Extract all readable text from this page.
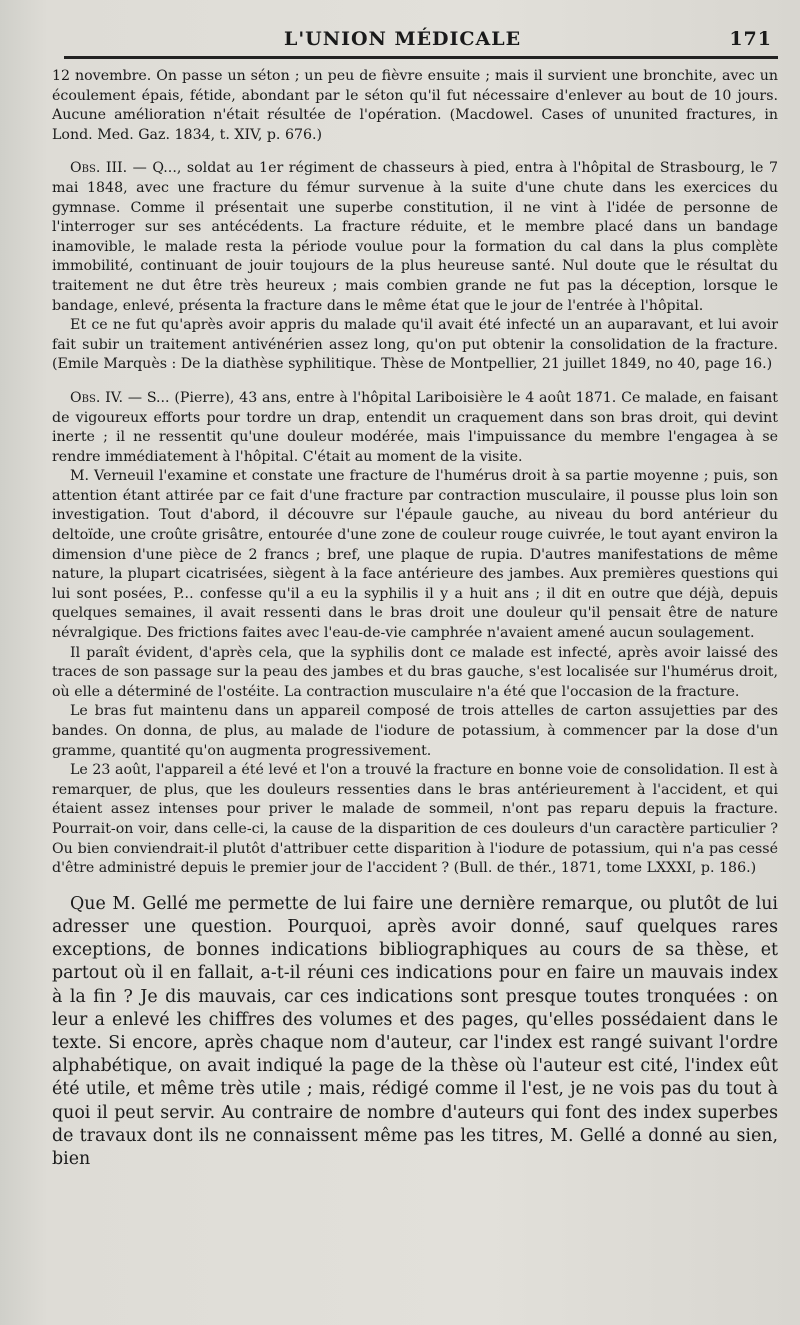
L'UNION MÉDICALE	171

12 novembre. On passe un séton ; un peu de fièvre ensuite ; mais il survient une bronchite, avec un écoulement épais, fétide, abondant par le séton qu'il fut nécessaire d'enlever au bout de 10 jours. Aucune amélioration n'était résultée de l'opération. (Macdowel. Cases of ununited fractures, in Lond. Med. Gaz. 1834, t. XIV, p. 676.)

Obs. III. — Q..., soldat au 1er régiment de chasseurs à pied, entra à l'hôpital de Strasbourg, le 7 mai 1848, avec une fracture du fémur survenue à la suite d'une chute dans les exercices du gymnase. Comme il présentait une superbe constitution, il ne vint à l'idée de personne de l'interroger sur ses antécédents. La fracture réduite, et le membre placé dans un bandage inamovible, le malade resta la période voulue pour la formation du cal dans la plus complète immobilité, continuant de jouir toujours de la plus heureuse santé. Nul doute que le résultat du traitement ne dut être très heureux ; mais combien grande ne fut pas la déception, lorsque le bandage, enlevé, présenta la fracture dans le même état que le jour de l'entrée à l'hôpital.

Et ce ne fut qu'après avoir appris du malade qu'il avait été infecté un an auparavant, et lui avoir fait subir un traitement antivénérien assez long, qu'on put obtenir la consolidation de la fracture. (Emile Marquès : De la diathèse syphilitique. Thèse de Montpellier, 21 juillet 1849, no 40, page 16.)

Obs. IV. — S... (Pierre), 43 ans, entre à l'hôpital Lariboisière le 4 août 1871. Ce malade, en faisant de vigoureux efforts pour tordre un drap, entendit un craquement dans son bras droit, qui devint inerte ; il ne ressentit qu'une douleur modérée, mais l'impuissance du membre l'engagea à se rendre immédiatement à l'hôpital. C'était au moment de la visite.

M. Verneuil l'examine et constate une fracture de l'humérus droit à sa partie moyenne ; puis, son attention étant attirée par ce fait d'une fracture par contraction musculaire, il pousse plus loin son investigation. Tout d'abord, il découvre sur l'épaule gauche, au niveau du bord antérieur du deltoïde, une croûte grisâtre, entourée d'une zone de couleur rouge cuivrée, le tout ayant environ la dimension d'une pièce de 2 francs ; bref, une plaque de rupia. D'autres manifestations de même nature, la plupart cicatrisées, siègent à la face antérieure des jambes. Aux premières questions qui lui sont posées, P... confesse qu'il a eu la syphilis il y a huit ans ; il dit en outre que déjà, depuis quelques semaines, il avait ressenti dans le bras droit une douleur qu'il pensait être de nature névralgique. Des frictions faites avec l'eau-de-vie camphrée n'avaient amené aucun soulagement.

Il paraît évident, d'après cela, que la syphilis dont ce malade est infecté, après avoir laissé des traces de son passage sur la peau des jambes et du bras gauche, s'est localisée sur l'humérus droit, où elle a déterminé de l'ostéite. La contraction musculaire n'a été que l'occasion de la fracture.

Le bras fut maintenu dans un appareil composé de trois attelles de carton assujetties par des bandes. On donna, de plus, au malade de l'iodure de potassium, à commencer par la dose d'un gramme, quantité qu'on augmenta progressivement.

Le 23 août, l'appareil a été levé et l'on a trouvé la fracture en bonne voie de consolidation. Il est à remarquer, de plus, que les douleurs ressenties dans le bras antérieurement à l'accident, et qui étaient assez intenses pour priver le malade de sommeil, n'ont pas reparu depuis la fracture. Pourrait-on voir, dans celle-ci, la cause de la disparition de ces douleurs d'un caractère particulier ? Ou bien conviendrait-il plutôt d'attribuer cette disparition à l'iodure de potassium, qui n'a pas cessé d'être administré depuis le premier jour de l'accident ? (Bull. de thér., 1871, tome LXXXI, p. 186.)

Que M. Gellé me permette de lui faire une dernière remarque, ou plutôt de lui adresser une question. Pourquoi, après avoir donné, sauf quelques rares exceptions, de bonnes indications bibliographiques au cours de sa thèse, et partout où il en fallait, a-t-il réuni ces indications pour en faire un mauvais index à la fin ? Je dis mauvais, car ces indications sont presque toutes tronquées : on leur a enlevé les chiffres des volumes et des pages, qu'elles possédaient dans le texte. Si encore, après chaque nom d'auteur, car l'index est rangé suivant l'ordre alphabétique, on avait indiqué la page de la thèse où l'auteur est cité, l'index eût été utile, et même très utile ; mais, rédigé comme il l'est, je ne vois pas du tout à quoi il peut servir. Au contraire de nombre d'auteurs qui font des index superbes de travaux dont ils ne connaissent même pas les titres, M. Gellé a donné au sien, bien
